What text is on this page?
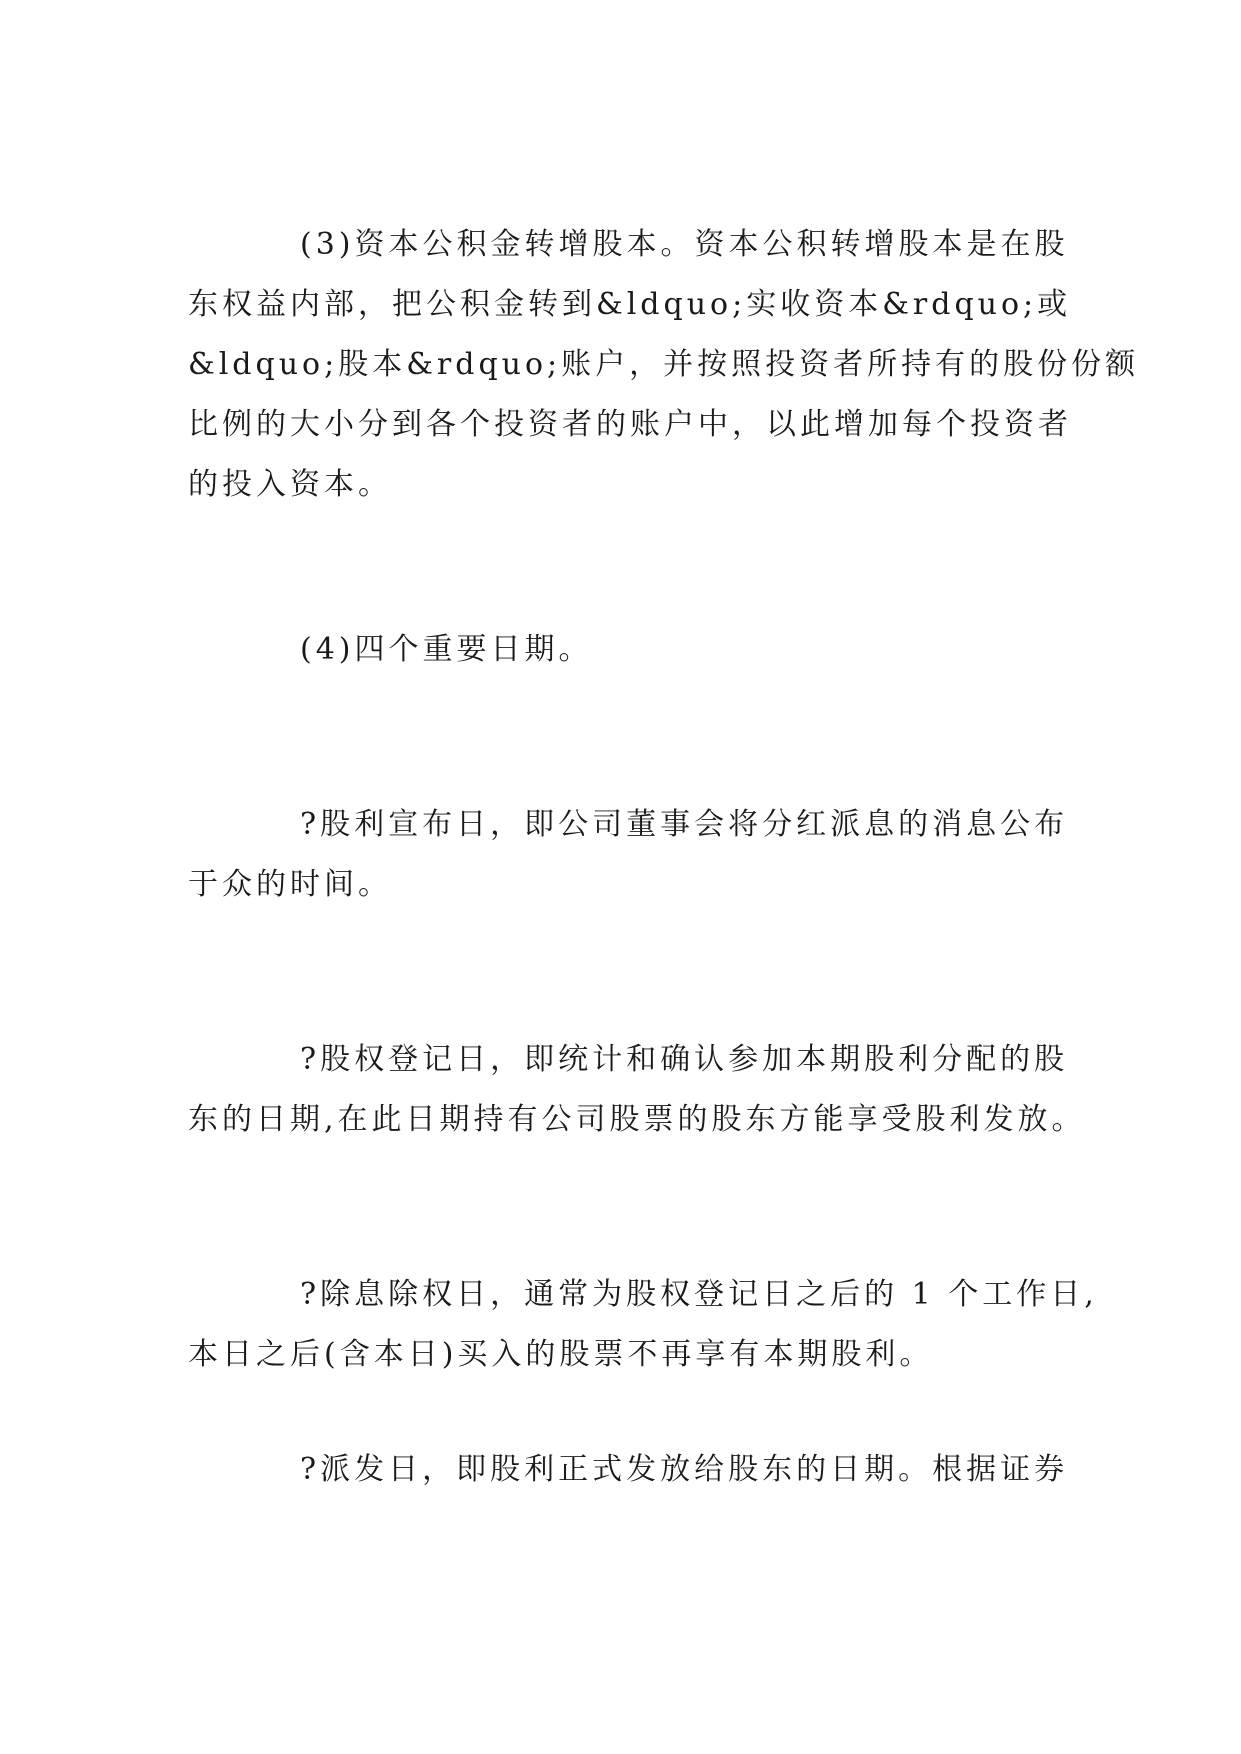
(3)资本公积金转增股本。资本公积转增股本是在股
东权益内部，把公积金转到&ldquo;实收资本&rdquo;或
&ldquo;股本&rdquo;账户，并按照投资者所持有的股份份额
比例的大小分到各个投资者的账户中，以此增加每个投资者
的投入资本。

(4)四个重要日期。

?股利宣布日，即公司董事会将分红派息的消息公布
于众的时间。

?股权登记日，即统计和确认参加本期股利分配的股
东的日期,在此日期持有公司股票的股东方能享受股利发放。

?除息除权日，通常为股权登记日之后的 1 个工作日,
本日之后(含本日)买入的股票不再享有本期股利。

?派发日，即股利正式发放给股东的日期。根据证券
